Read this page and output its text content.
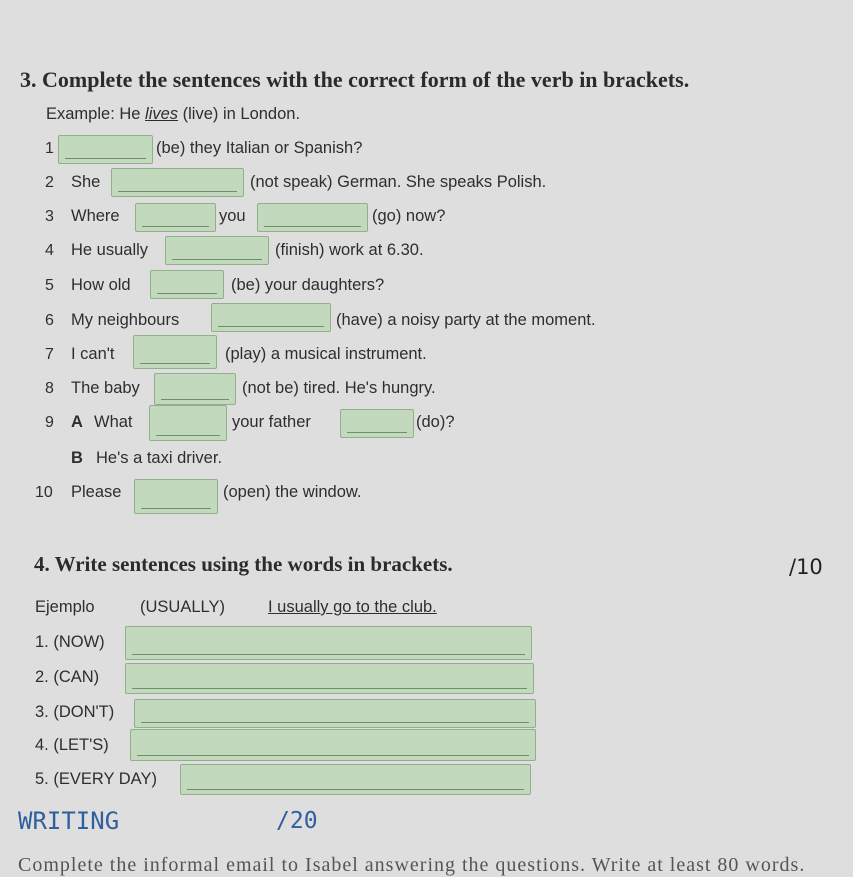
3. Complete the sentences with the correct form of the verb in brackets.
Example: He lives (live) in London.
1	(be) they Italian or Spanish?
2 She	(not speak) German. She speaks Polish.
3 Where	you	(go) now?
4 He usually	(finish) work at 6.30.
5 How old	(be) your daughters?
6 My neighbours	(have) a noisy party at the moment.
7 I can't	(play) a musical instrument.
8 The baby	(not be) tired. He's hungry.
9 A What	your father	(do)?
B He's a taxi driver.
10 Please	(open) the window.
4. Write sentences using the words in brackets.	/10
Ejemplo	(USUALLY)	I usually go to the club.
1. (NOW)
2. (CAN)
3. (DON'T)
4. (LET'S)
5. (EVERY DAY)
WRITING	/20
Complete the informal email to Isabel answering the questions. Write at least 80 words.
